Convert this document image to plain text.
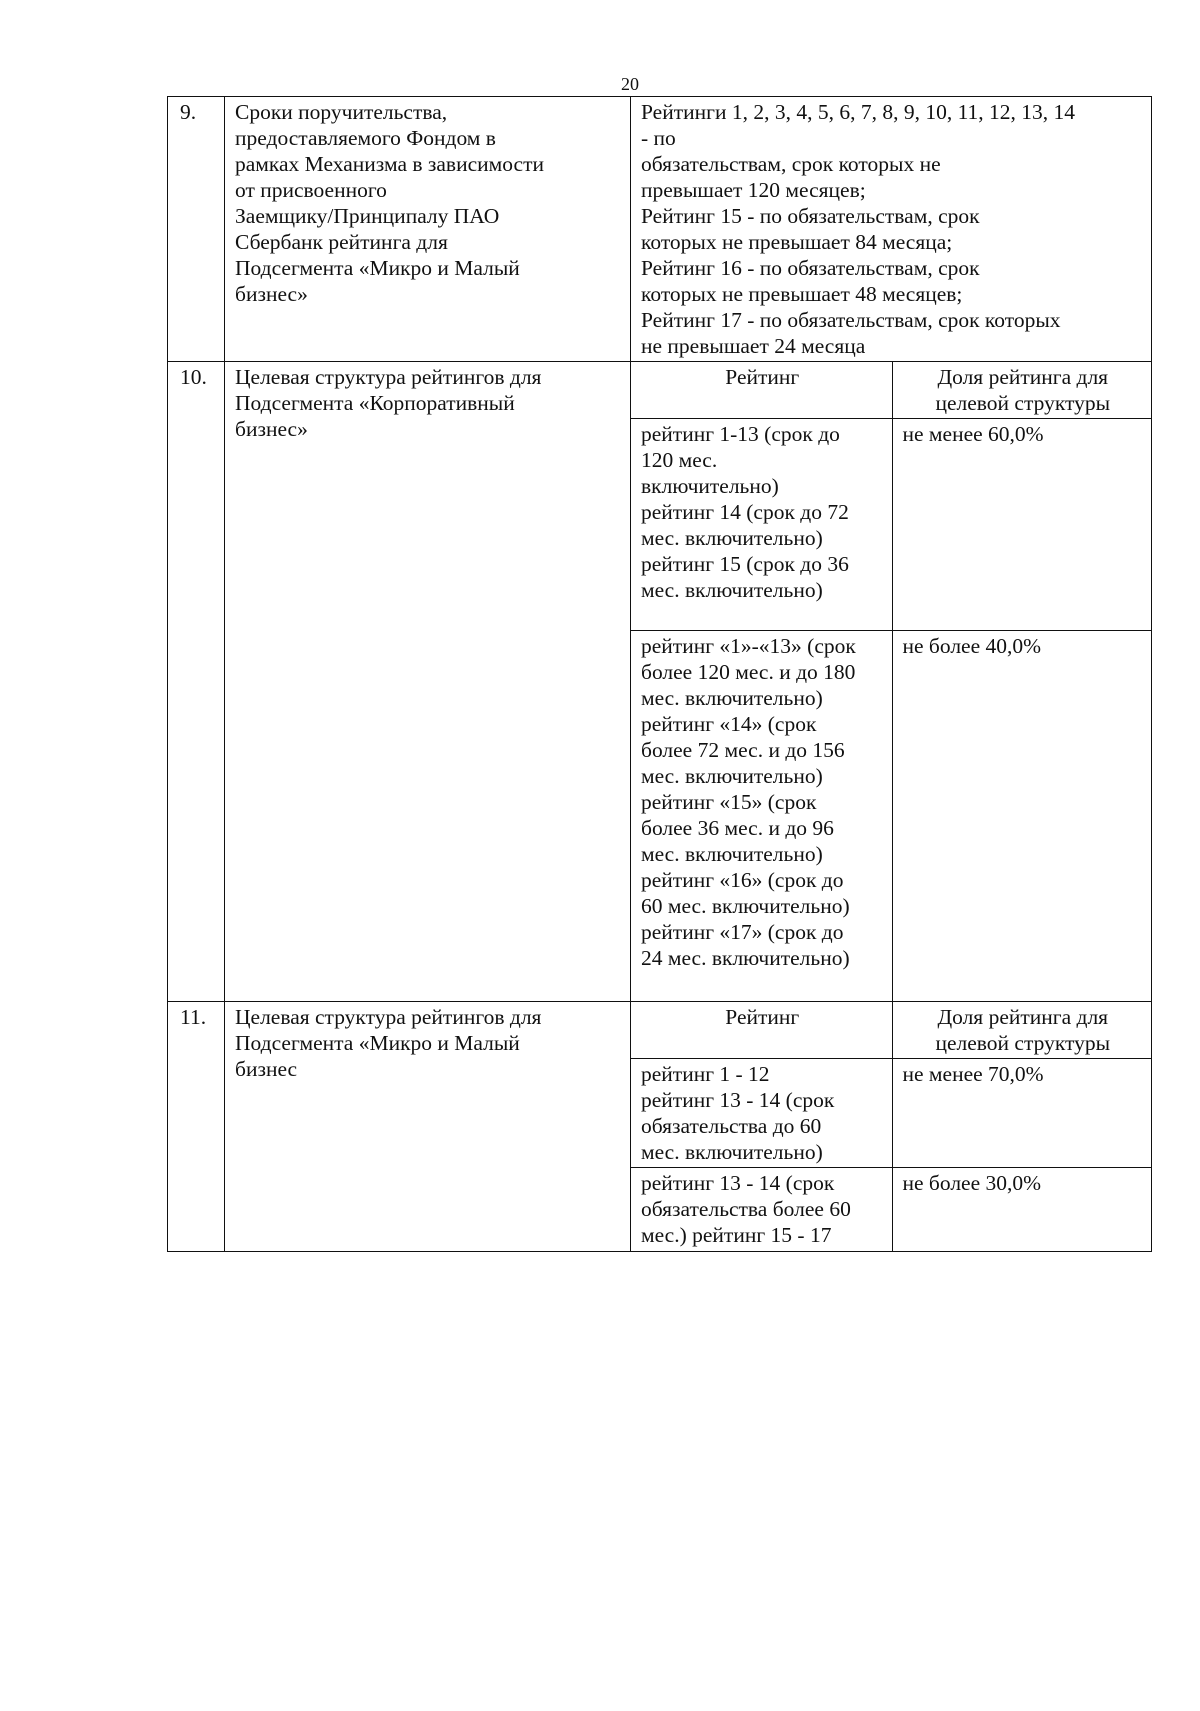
20
9.	Сроки поручительства,
предоставляемого Фондом в
рамках Механизма в зависимости
от присвоенного
Заемщику/Принципалу ПАО
Сбербанк рейтинга для
Подсегмента «Микро и Малый
бизнес»	Рейтинги 1, 2, 3, 4, 5, 6, 7, 8, 9, 10, 11, 12, 13, 14
- по
обязательствам, срок которых не
превышает 120 месяцев;
Рейтинг 15 - по обязательствам, срок
которых не превышает 84 месяца;
Рейтинг 16 - по обязательствам, срок
которых не превышает 48 месяцев;
Рейтинг 17 - по обязательствам, срок которых
не превышает 24 месяца
10.	Целевая структура рейтингов для
Подсегмента «Корпоративный
бизнес»	
Рейтинг	Доля рейтинга для
целевой структуры
рейтинг 1-13 (срок до
120 мес.
включительно)
рейтинг 14 (срок до 72
мес. включительно)
рейтинг 15 (срок до 36
мес. включительно)	не менее 60,0%
рейтинг «1»-«13» (срок
более 120 мес. и до 180
мес. включительно)
рейтинг «14» (срок
более 72 мес. и до 156
мес. включительно)
рейтинг «15» (срок
более 36 мес. и до 96
мес. включительно)
рейтинг «16» (срок до
60 мес. включительно)
рейтинг «17» (срок до
24 мес. включительно)	не более 40,0%

11.	Целевая структура рейтингов для
Подсегмента «Микро и Малый
бизнес	
Рейтинг	Доля рейтинга для
целевой структуры
рейтинг 1 - 12
рейтинг 13 - 14 (срок
обязательства до 60
мес. включительно)	не менее 70,0%
рейтинг 13 - 14 (срок
обязательства более 60
мес.) рейтинг 15 - 17	не более 30,0%
